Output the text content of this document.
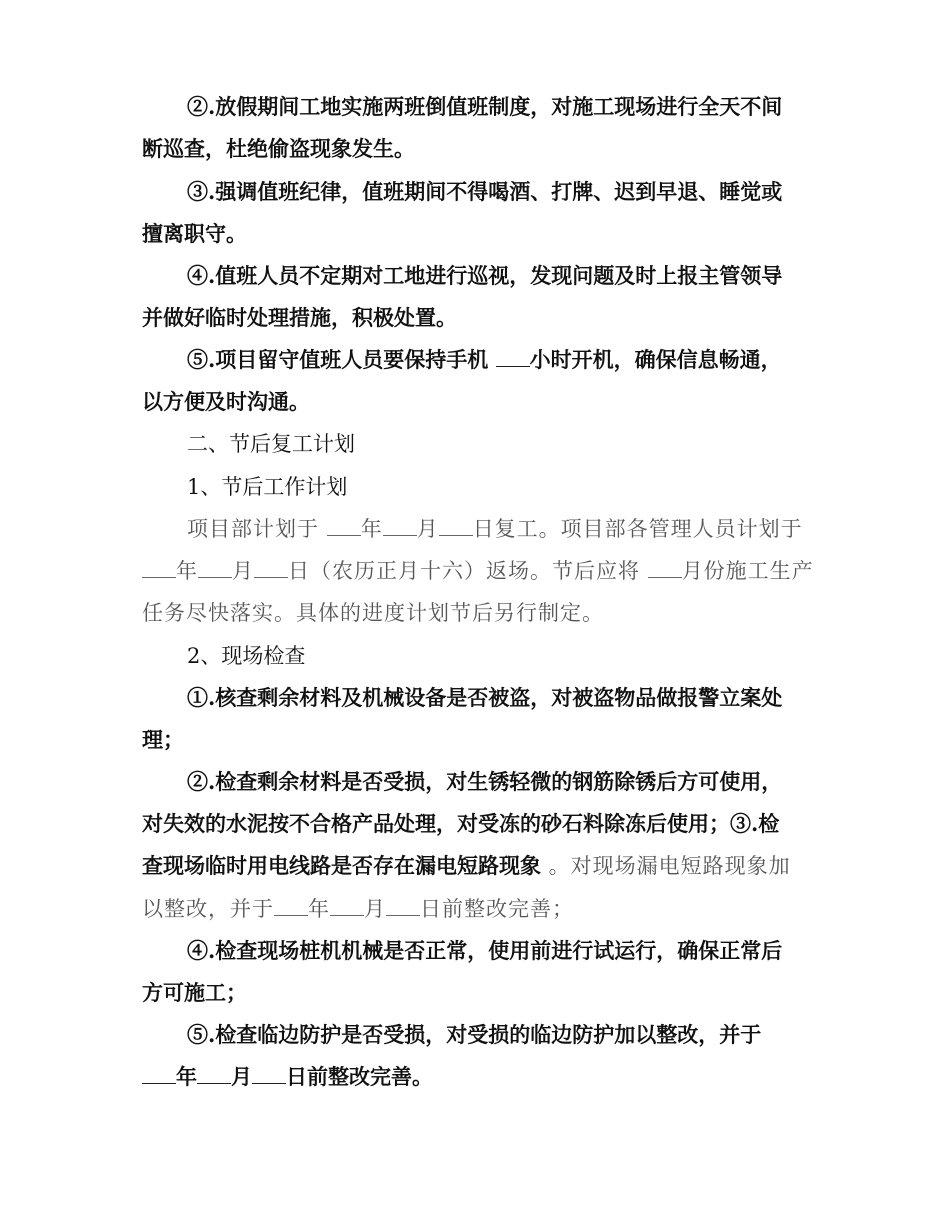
②.放假期间工地实施两班倒值班制度，对施工现场进行全天不间
断巡查，杜绝偷盗现象发生。
③.强调值班纪律，值班期间不得喝酒、打牌、迟到早退、睡觉或
擅离职守。
④.值班人员不定期对工地进行巡视，发现问题及时上报主管领导
并做好临时处理措施，积极处置。
⑤.项目留守值班人员要保持手机 小时开机，确保信息畅通，
以方便及时沟通。
二、节后复工计划
1、节后工作计划
项目部计划于 年 月 日复工。项目部各管理人员计划于
年 月 日（农历正月十六）返场。节后应将 月份施工生产
任务尽快落实。具体的进度计划节后另行制定。
2、现场检查
①.核查剩余材料及机械设备是否被盗，对被盗物品做报警立案处
理；
②.检查剩余材料是否受损，对生锈轻微的钢筋除锈后方可使用，
对失效的水泥按不合格产品处理，对受冻的砂石料除冻后使用；③.检
查现场临时用电线路是否存在漏电短路现象 。对现场漏电短路现象加
以整改，并于 年 月 日前整改完善；
④.检查现场桩机机械是否正常，使用前进行试运行，确保正常后
方可施工；
⑤.检查临边防护是否受损，对受损的临边防护加以整改，并于
年 月 日前整改完善。
